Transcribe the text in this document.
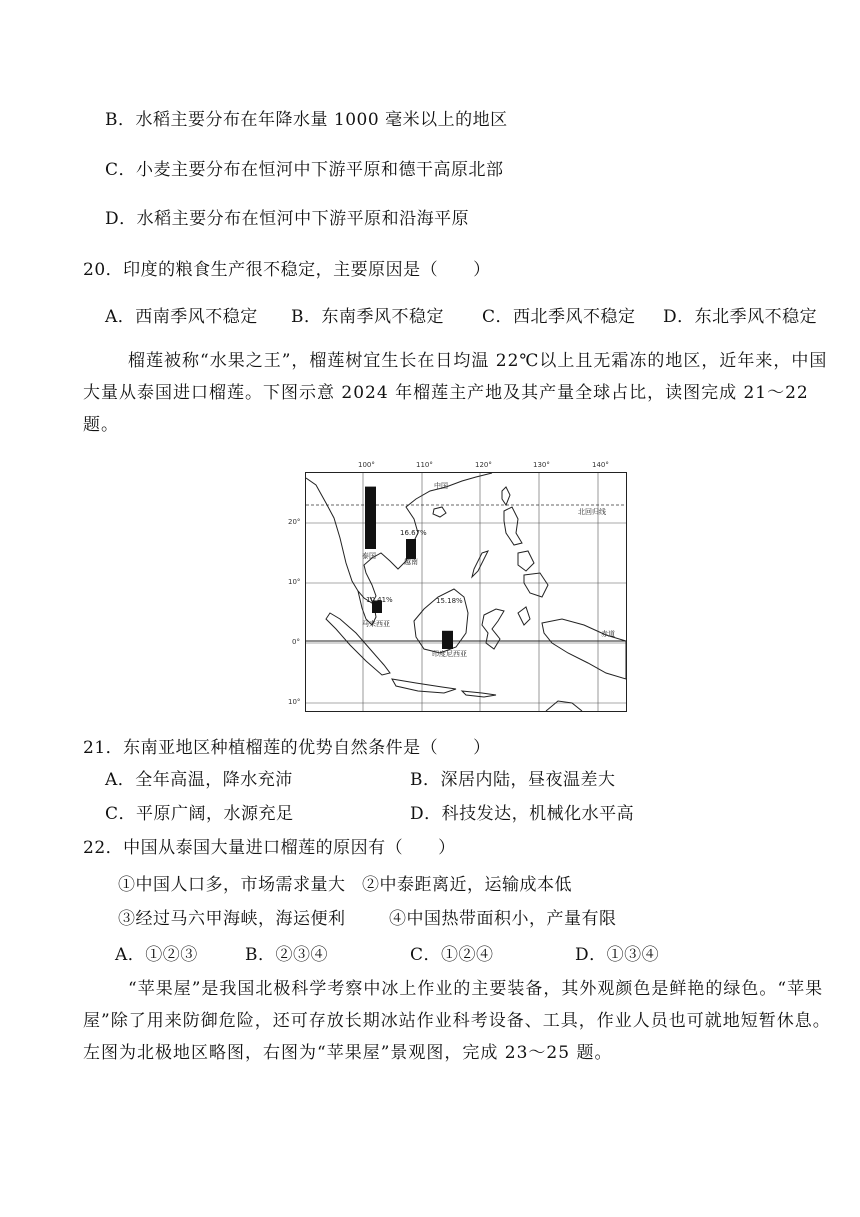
B．水稻主要分布在年降水量 1000 毫米以上的地区
C．小麦主要分布在恒河中下游平原和德干高原北部
D．水稻主要分布在恒河中下游平原和沿海平原
20．印度的粮食生产很不稳定，主要原因是（　　）
A．西南季风不稳定 B．东南季风不稳定 C．西北季风不稳定 D．东北季风不稳定
榴莲被称“水果之王”，榴莲树宜生长在日均温 22℃以上且无霜冻的地区，近年来，中国大量从泰国进口榴莲。下图示意 2024 年榴莲主产地及其产量全球占比，读图完成 21～22 题。
100°	110°	120°	130°	140°
20°
10°
0°
10°
中国
北回归线
赤道
泰国
16.67%
越南
10.41%
马来西亚
15.18%
印度尼西亚
21．东南亚地区种植榴莲的优势自然条件是（　　）
A．全年高温，降水充沛	B．深居内陆，昼夜温差大
C．平原广阔，水源充足	D．科技发达，机械化水平高
22．中国从泰国大量进口榴莲的原因有（　　）
①中国人口多，市场需求量大 ②中泰距离近，运输成本低
③经过马六甲海峡，海运便利	④中国热带面积小，产量有限
A．①②③	B．②③④	C．①②④	D．①③④
“苹果屋”是我国北极科学考察中冰上作业的主要装备，其外观颜色是鲜艳的绿色。“苹果屋”除了用来防御危险，还可存放长期冰站作业科考设备、工具，作业人员也可就地短暂休息。左图为北极地区略图，右图为“苹果屋”景观图，完成 23～25 题。
